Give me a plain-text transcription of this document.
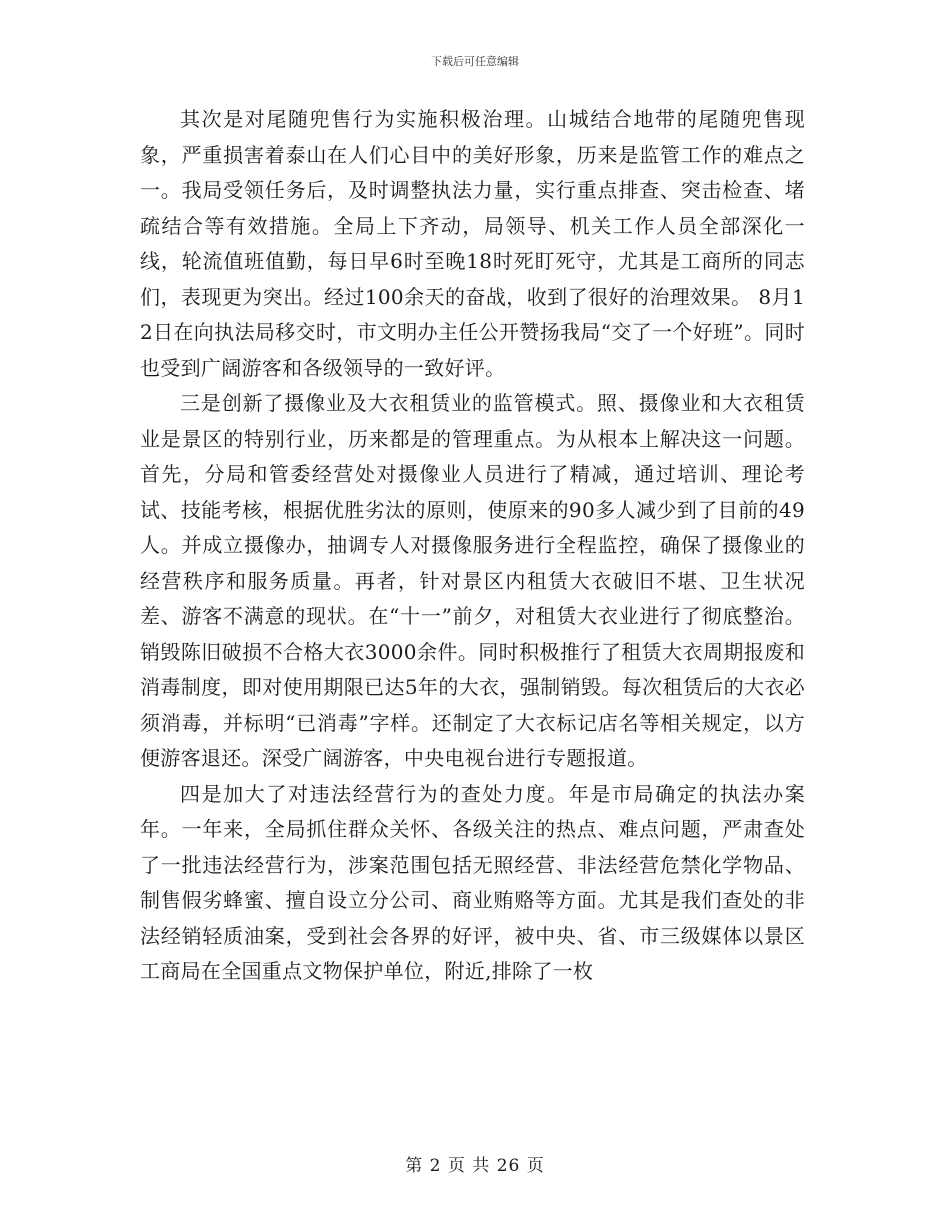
下载后可任意编辑

其次是对尾随兜售行为实施积极治理。山城结合地带的尾随兜售现象，严重损害着泰山在人们心目中的美好形象，历来是监管工作的难点之一。我局受领任务后，及时调整执法力量，实行重点排查、突击检查、堵疏结合等有效措施。全局上下齐动，局领导、机关工作人员全部深化一线，轮流值班值勤，每日早6时至晚18时死盯死守，尤其是工商所的同志们，表现更为突出。经过100余天的奋战，收到了很好的治理效果。 8月12日在向执法局移交时，市文明办主任公开赞扬我局“交了一个好班”。同时也受到广阔游客和各级领导的一致好评。

三是创新了摄像业及大衣租赁业的监管模式。照、摄像业和大衣租赁业是景区的特别行业，历来都是的管理重点。为从根本上解决这一问题。首先，分局和管委经营处对摄像业人员进行了精减，通过培训、理论考试、技能考核，根据优胜劣汰的原则，使原来的90多人减少到了目前的49人。并成立摄像办，抽调专人对摄像服务进行全程监控，确保了摄像业的经营秩序和服务质量。再者，针对景区内租赁大衣破旧不堪、卫生状况差、游客不满意的现状。在“十一”前夕，对租赁大衣业进行了彻底整治。销毁陈旧破损不合格大衣3000余件。同时积极推行了租赁大衣周期报废和消毒制度，即对使用期限已达5年的大衣，强制销毁。每次租赁后的大衣必须消毒，并标明“已消毒”字样。还制定了大衣标记店名等相关规定，以方便游客退还。深受广阔游客，中央电视台进行专题报道。

四是加大了对违法经营行为的查处力度。年是市局确定的执法办案年。一年来，全局抓住群众关怀、各级关注的热点、难点问题，严肃查处了一批违法经营行为，涉案范围包括无照经营、非法经营危禁化学物品、制售假劣蜂蜜、擅自设立分公司、商业贿赂等方面。尤其是我们查处的非法经销轻质油案，受到社会各界的好评，被中央、省、市三级媒体以景区工商局在全国重点文物保护单位，附近,排除了一枚

第 2 页 共 26 页
